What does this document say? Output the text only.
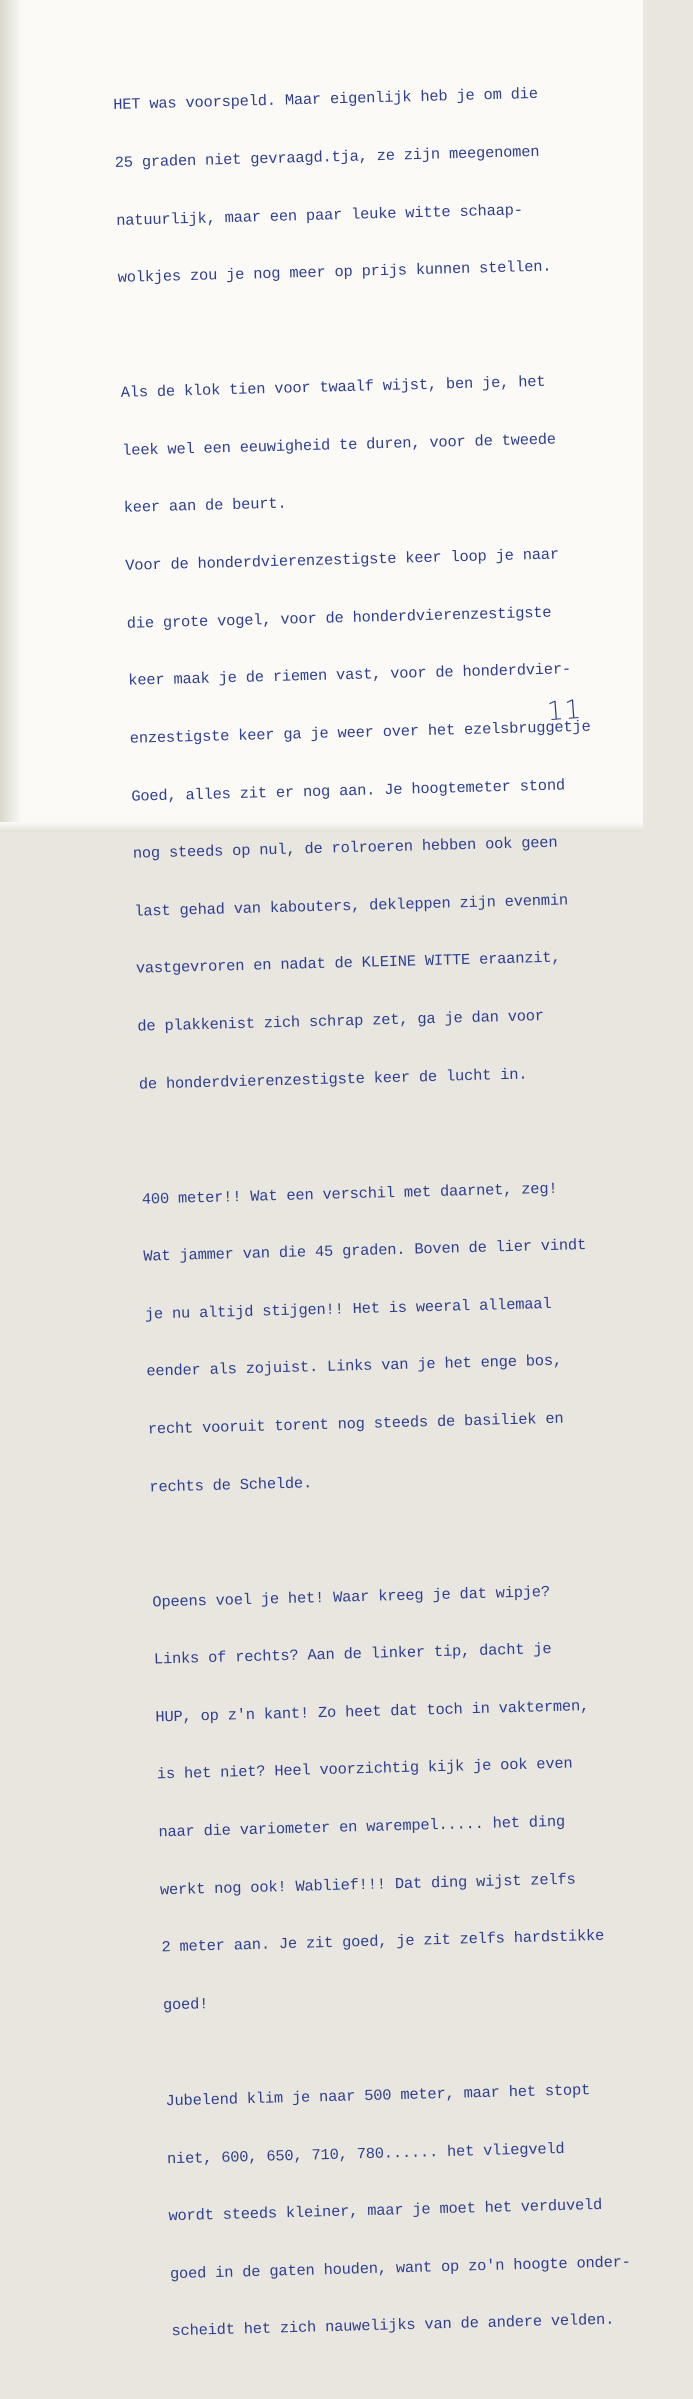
HET was voorspeld. Maar eigenlijk heb je om die

25 graden niet gevraagd.tja, ze zijn meegenomen

natuurlijk, maar een paar leuke witte schaap-

wolkjes zou je nog meer op prijs kunnen stellen.

Als de klok tien voor twaalf wijst, ben je, het

leek wel een eeuwigheid te duren, voor de tweede

keer aan de beurt.

Voor de honderdvierenzestigste keer loop je naar

die grote vogel, voor de honderdvierenzestigste

keer maak je de riemen vast, voor de honderdvier-

enzestigste keer ga je weer over het ezelsbruggetje

Goed, alles zit er nog aan. Je hoogtemeter stond

nog steeds op nul, de rolroeren hebben ook geen

last gehad van kabouters, dekleppen zijn evenmin

vastgevroren en nadat de KLEINE WITTE eraanzit,

de plakkenist zich schrap zet, ga je dan voor

de honderdvierenzestigste keer de lucht in.

400 meter!! Wat een verschil met daarnet, zeg!

Wat jammer van die 45 graden. Boven de lier vindt

je nu altijd stijgen!! Het is weeral allemaal

eender als zojuist. Links van je het enge bos,

recht vooruit torent nog steeds de basiliek en

rechts de Schelde.

Opeens voel je het! Waar kreeg je dat wipje?

Links of rechts? Aan de linker tip, dacht je

HUP, op z'n kant! Zo heet dat toch in vaktermen,

is het niet? Heel voorzichtig kijk je ook even

naar die variometer en warempel..... het ding

werkt nog ook! Wablief!!! Dat ding wijst zelfs

2 meter aan. Je zit goed, je zit zelfs hardstikke

goed!

Jubelend klim je naar 500 meter, maar het stopt

niet, 600, 650, 710, 780...... het vliegveld

wordt steeds kleiner, maar je moet het verduveld

goed in de gaten houden, want op zo'n hoogte onder-

scheidt het zich nauwelijks van de andere velden.

11
